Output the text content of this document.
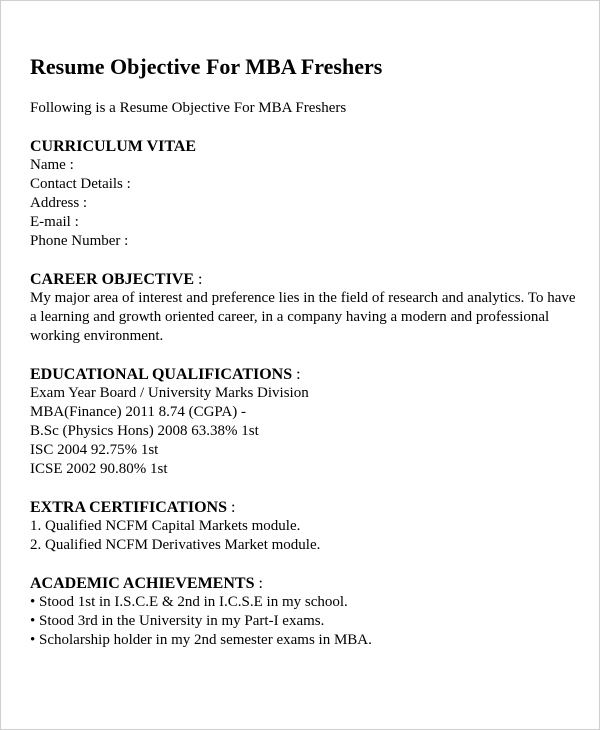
Resume Objective For MBA Freshers

Following is a Resume Objective For MBA Freshers

CURRICULUM VITAE
Name :
Contact Details :
Address :
E-mail :
Phone Number :
CAREER OBJECTIVE :
My major area of interest and preference lies in the field of research and analytics. To have a learning and growth oriented career, in a company having a modern and professional working environment.
EDUCATIONAL QUALIFICATIONS :
Exam Year Board / University Marks Division
MBA(Finance) 2011 8.74 (CGPA) -
B.Sc (Physics Hons) 2008 63.38% 1st
ISC 2004 92.75% 1st
ICSE 2002 90.80% 1st
EXTRA CERTIFICATIONS :
1. Qualified NCFM Capital Markets module.
2. Qualified NCFM Derivatives Market module.
ACADEMIC ACHIEVEMENTS :
• Stood 1st in I.S.C.E & 2nd in I.C.S.E in my school.
• Stood 3rd in the University in my Part-I exams.
• Scholarship holder in my 2nd semester exams in MBA.
